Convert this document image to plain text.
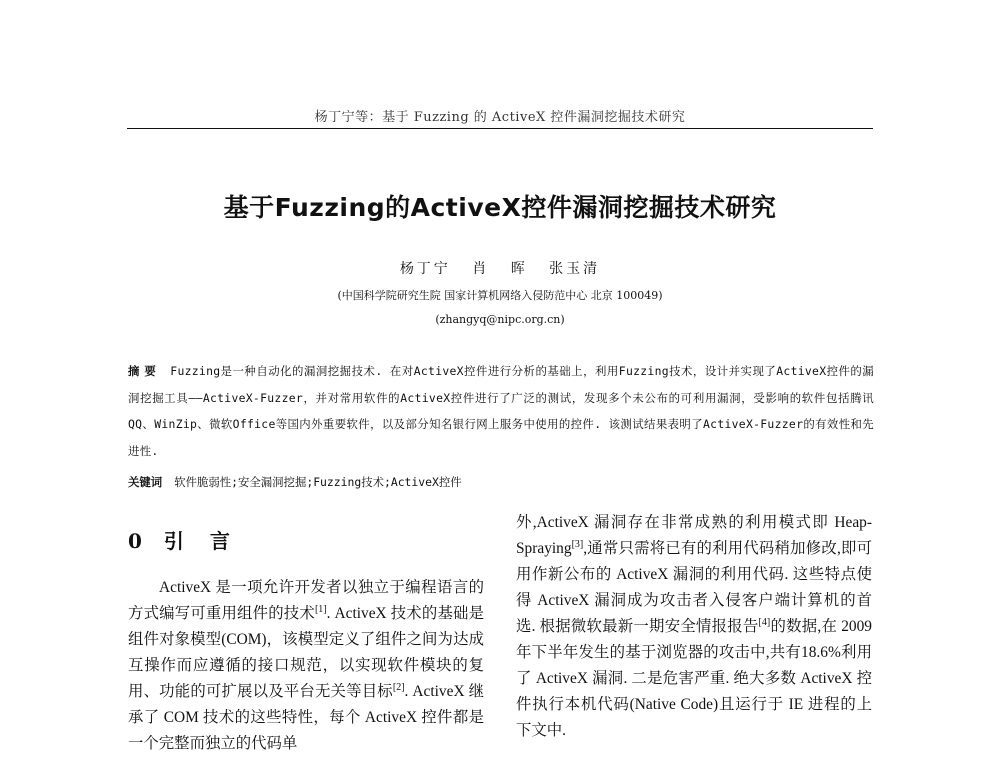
杨丁宁等：基于 Fuzzing 的 ActiveX 控件漏洞挖掘技术研究
基于Fuzzing的ActiveX控件漏洞挖掘技术研究
杨丁宁 肖 晖 张玉清
(中国科学院研究生院 国家计算机网络入侵防范中心 北京 100049)
(zhangyq@nipc.org.cn)
摘 要 Fuzzing是一种自动化的漏洞挖掘技术. 在对ActiveX控件进行分析的基础上，利用Fuzzing技术，设计并实现了ActiveX控件的漏洞挖掘工具——ActiveX-Fuzzer，并对常用软件的ActiveX控件进行了广泛的测试，发现多个未公布的可利用漏洞，受影响的软件包括腾讯QQ、WinZip、微软Office等国内外重要软件，以及部分知名银行网上服务中使用的控件. 该测试结果表明了ActiveX-Fuzzer的有效性和先进性.
关键词 软件脆弱性;安全漏洞挖掘;Fuzzing技术;ActiveX控件
0 引言
ActiveX 是一项允许开发者以独立于编程语言的方式编写可重用组件的技术[1]. ActiveX 技术的基础是组件对象模型(COM)，该模型定义了组件之间为达成互操作而应遵循的接口规范，以实现软件模块的复用、功能的可扩展以及平台无关等目标[2]. ActiveX 继承了 COM 技术的这些特性，每个 ActiveX 控件都是一个完整而独立的代码单
外,ActiveX 漏洞存在非常成熟的利用模式即 Heap-Spraying[3],通常只需将已有的利用代码稍加修改,即可用作新公布的 ActiveX 漏洞的利用代码. 这些特点使得 ActiveX 漏洞成为攻击者入侵客户端计算机的首选. 根据微软最新一期安全情报报告[4]的数据,在 2009 年下半年发生的基于浏览器的攻击中,共有18.6%利用了 ActiveX 漏洞. 二是危害严重. 绝大多数 ActiveX 控件执行本机代码(Native Code)且运行于 IE 进程的上下文中.
